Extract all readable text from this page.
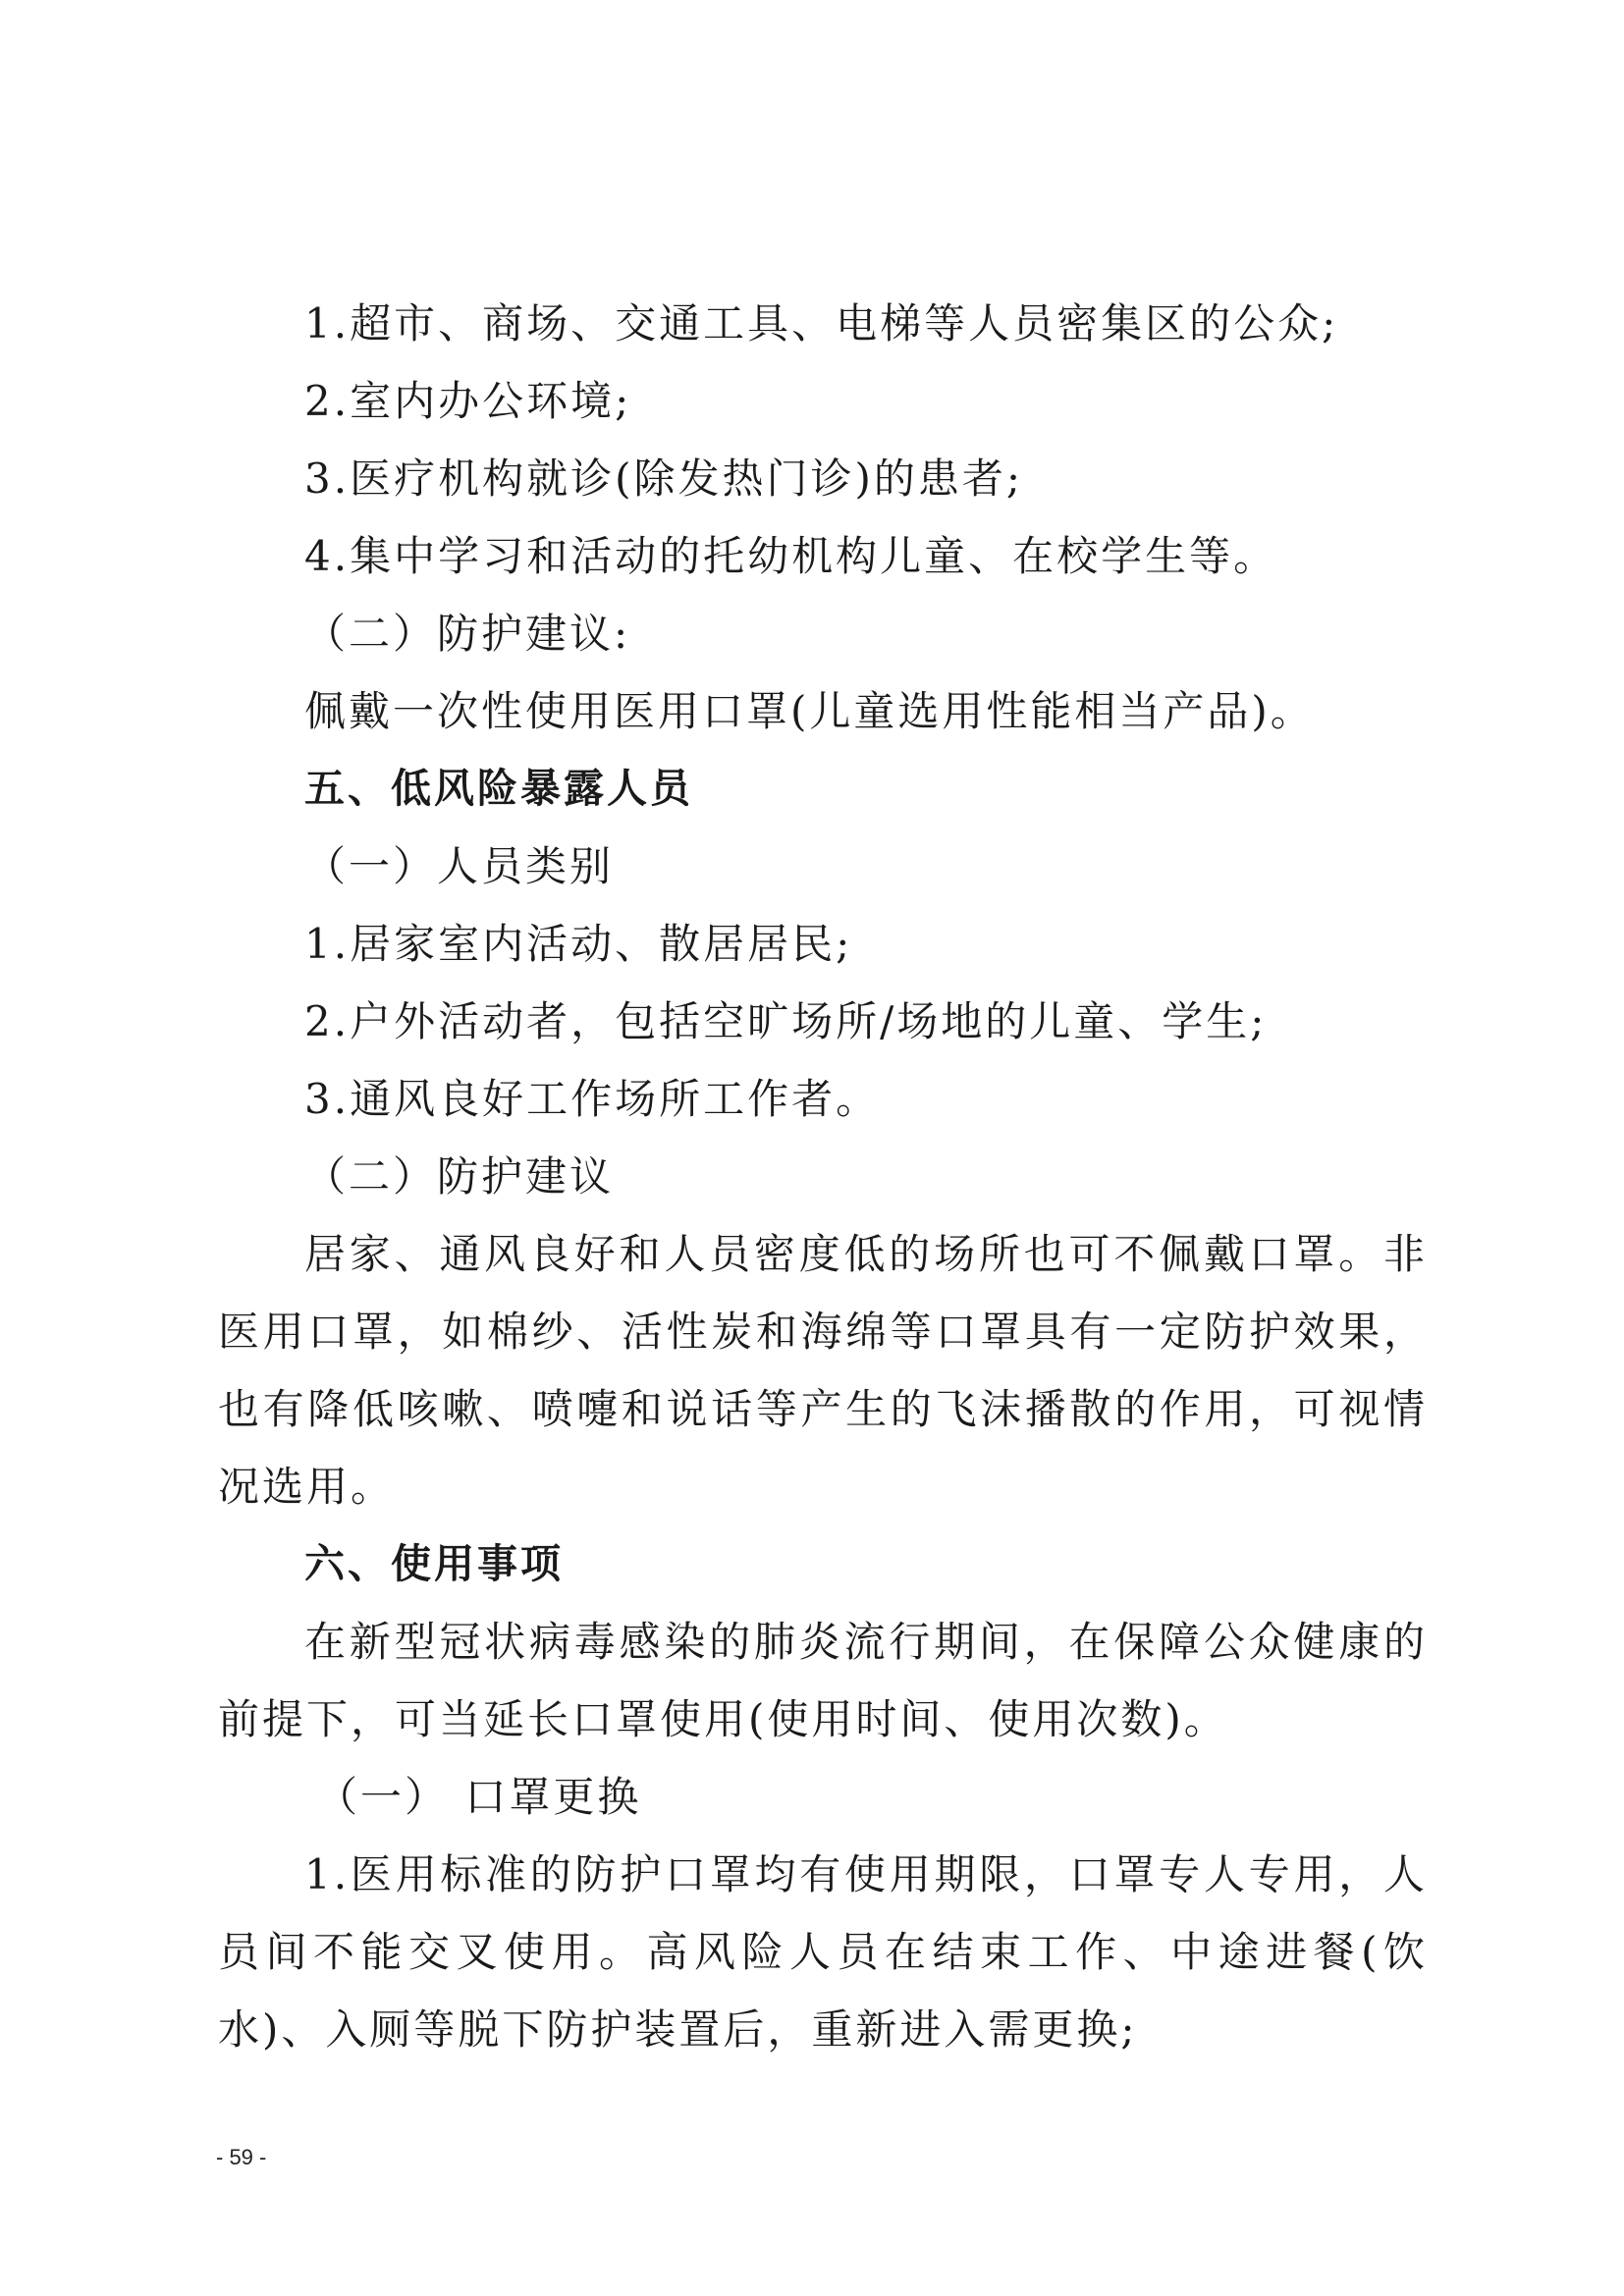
1.超市、商场、交通工具、电梯等人员密集区的公众;

2.室内办公环境;

3.医疗机构就诊(除发热门诊)的患者;

4.集中学习和活动的托幼机构儿童、在校学生等。

（二）防护建议:

佩戴一次性使用医用口罩(儿童选用性能相当产品)。

五、低风险暴露人员

（一）人员类别

1.居家室内活动、散居居民;

2.户外活动者，包括空旷场所/场地的儿童、学生;

3.通风良好工作场所工作者。

（二）防护建议

居家、通风良好和人员密度低的场所也可不佩戴口罩。非医用口罩，如棉纱、活性炭和海绵等口罩具有一定防护效果，也有降低咳嗽、喷嚏和说话等产生的飞沫播散的作用，可视情况选用。

六、使用事项

在新型冠状病毒感染的肺炎流行期间，在保障公众健康的前提下，可当延长口罩使用(使用时间、使用次数)。

（一） 口罩更换

1.医用标准的防护口罩均有使用期限，口罩专人专用，人员间不能交叉使用。高风险人员在结束工作、中途进餐(饮水)、入厕等脱下防护装置后，重新进入需更换;

- 59 -
